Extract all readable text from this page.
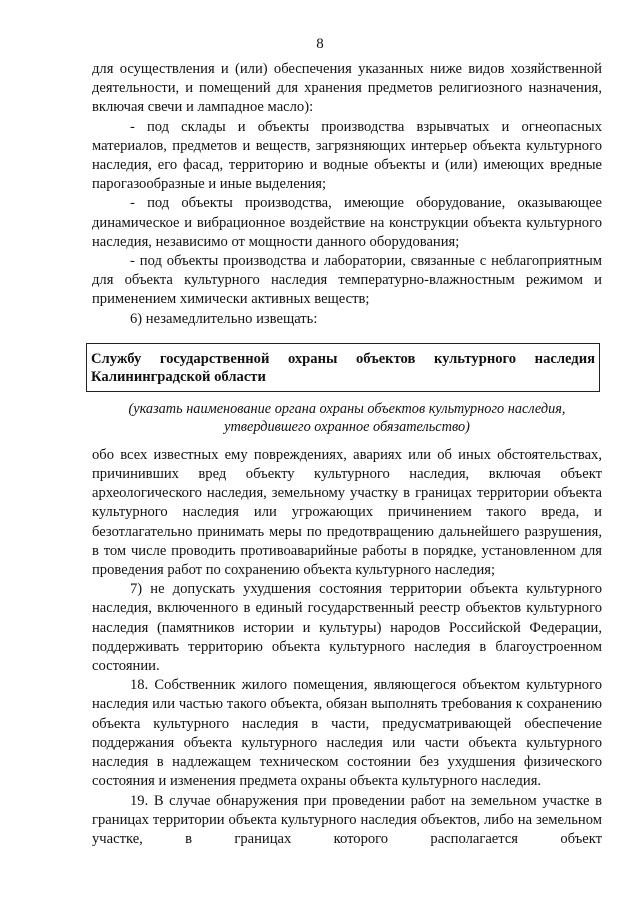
8

для осуществления и (или) обеспечения указанных ниже видов хозяйственной деятельности, и помещений для хранения предметов религиозного назначения, включая свечи и лампадное масло):

- под склады и объекты производства взрывчатых и огнеопасных материалов, предметов и веществ, загрязняющих интерьер объекта культурного наследия, его фасад, территорию и водные объекты и (или) имеющих вредные парогазообразные и иные выделения;

- под объекты производства, имеющие оборудование, оказывающее динамическое и вибрационное воздействие на конструкции объекта культурного наследия, независимо от мощности данного оборудования;

- под объекты производства и лаборатории, связанные с неблагоприятным для объекта культурного наследия температурно-влажностным режимом и применением химически активных веществ;

6) незамедлительно извещать:

Службу государственной охраны объектов культурного наследия
Калининградской области
(указать наименование органа охраны объектов культурного наследия,
утвердившего охранное обязательство)

обо всех известных ему повреждениях, авариях или об иных обстоятельствах, причинивших вред объекту культурного наследия, включая объект археологического наследия, земельному участку в границах территории объекта культурного наследия или угрожающих причинением такого вреда, и безотлагательно принимать меры по предотвращению дальнейшего разрушения, в том числе проводить противоаварийные работы в порядке, установленном для проведения работ по сохранению объекта культурного наследия;

7) не допускать ухудшения состояния территории объекта культурного наследия, включенного в единый государственный реестр объектов культурного наследия (памятников истории и культуры) народов Российской Федерации, поддерживать территорию объекта культурного наследия в благоустроенном состоянии.

18. Собственник жилого помещения, являющегося объектом культурного наследия или частью такого объекта, обязан выполнять требования к сохранению объекта культурного наследия в части, предусматривающей обеспечение поддержания объекта культурного наследия или части объекта культурного наследия в надлежащем техническом состоянии без ухудшения физического состояния и изменения предмета охраны объекта культурного наследия.

19. В случае обнаружения при проведении работ на земельном участке в границах территории объекта культурного наследия объектов, либо на земельном участке, в границах которого располагается объект
